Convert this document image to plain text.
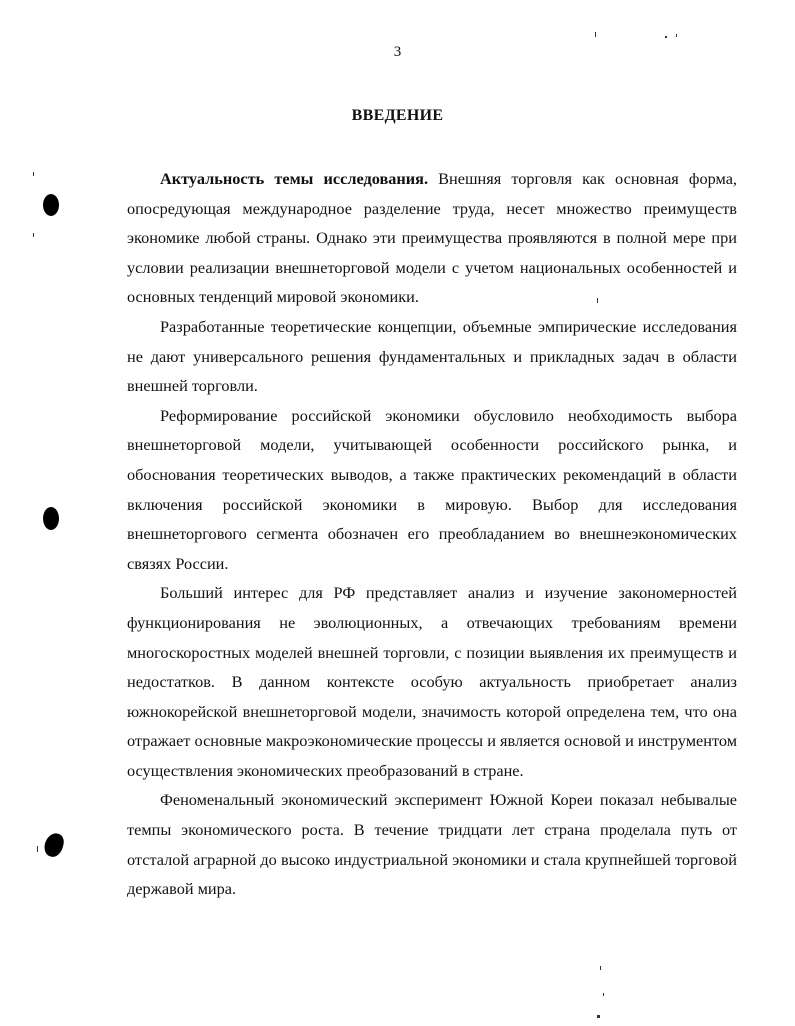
3
ВВЕДЕНИЕ

Актуальность темы исследования. Внешняя торговля как основная форма, опосредующая международное разделение труда, несет множество преимуществ экономике любой страны. Однако эти преимущества проявляются в полной мере при условии реализации внешнеторговой модели с учетом национальных особенностей и основных тенденций мировой экономики.

Разработанные теоретические концепции, объемные эмпирические исследования не дают универсального решения фундаментальных и прикладных задач в области внешней торговли.

Реформирование российской экономики обусловило необходимость выбора внешнеторговой модели, учитывающей особенности российского рынка, и обоснования теоретических выводов, а также практических рекомендаций в области включения российской экономики в мировую. Выбор для исследования внешнеторгового сегмента обозначен его преобладанием во внешнеэкономических связях России.

Больший интерес для РФ представляет анализ и изучение закономерностей функционирования не эволюционных, а отвечающих требованиям времени многоскоростных моделей внешней торговли, с позиции выявления их преимуществ и недостатков. В данном контексте особую актуальность приобретает анализ южнокорейской внешнеторговой модели, значимость которой определена тем, что она отражает основные макроэкономические процессы и является основой и инструментом осуществления экономических преобразований в стране.

Феноменальный экономический эксперимент Южной Кореи показал небывалые темпы экономического роста. В течение тридцати лет страна проделала путь от отсталой аграрной до высоко индустриальной экономики и стала крупнейшей торговой державой мира.
